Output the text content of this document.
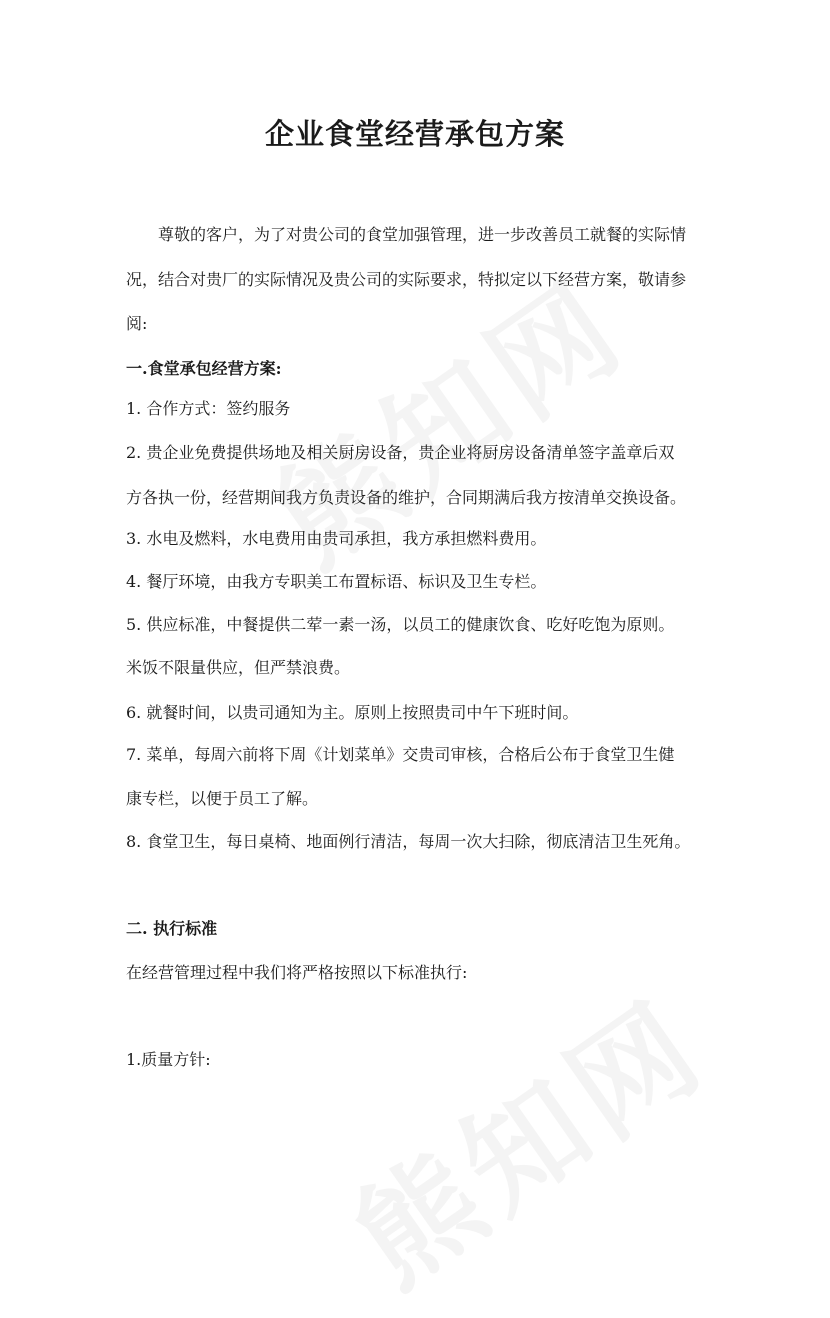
企业食堂经营承包方案

尊敬的客户，为了对贵公司的食堂加强管理，进一步改善员工就餐的实际情

况，结合对贵厂的实际情况及贵公司的实际要求，特拟定以下经营方案，敬请参

阅:

一.食堂承包经营方案:

1. 合作方式：签约服务

2. 贵企业免费提供场地及相关厨房设备，贵企业将厨房设备清单签字盖章后双

方各执一份，经营期间我方负责设备的维护，合同期满后我方按清单交换设备。

3. 水电及燃料，水电费用由贵司承担，我方承担燃料费用。

4. 餐厅环境，由我方专职美工布置标语、标识及卫生专栏。

5. 供应标准，中餐提供二荤一素一汤，以员工的健康饮食、吃好吃饱为原则。

米饭不限量供应，但严禁浪费。

6. 就餐时间，以贵司通知为主。原则上按照贵司中午下班时间。

7. 菜单，每周六前将下周《计划菜单》交贵司审核，合格后公布于食堂卫生健

康专栏，以便于员工了解。

8. 食堂卫生，每日桌椅、地面例行清洁，每周一次大扫除，彻底清洁卫生死角。

二. 执行标准

在经营管理过程中我们将严格按照以下标准执行:

1.质量方针:
